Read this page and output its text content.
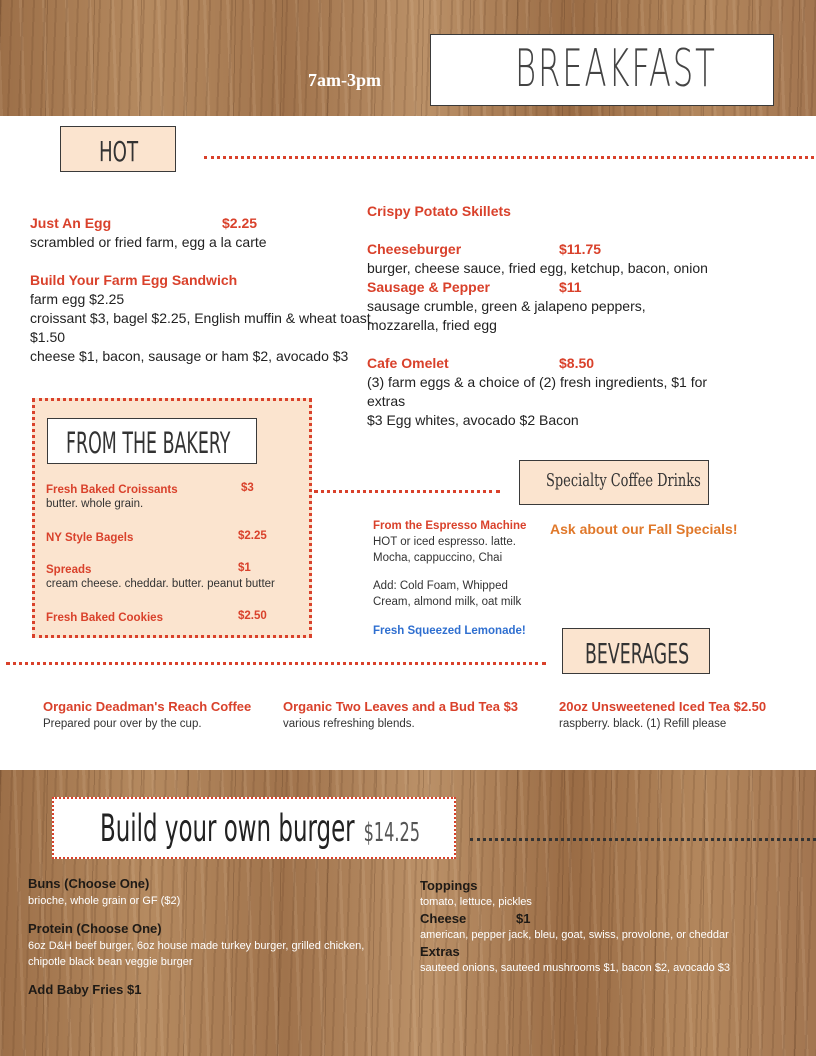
7am-3pm	BREAKFAST
HOT
Just An Egg	$2.25
scrambled or fried farm, egg a la carte
Build Your Farm Egg Sandwich
farm egg $2.25
croissant $3, bagel $2.25, English muffin & wheat toast
$1.50
cheese $1, bacon, sausage or ham $2, avocado $3
Crispy Potato Skillets
Cheeseburger	$11.75
burger, cheese sauce, fried egg, ketchup, bacon, onion
Sausage & Pepper	$11
sausage crumble, green & jalapeno peppers,
mozzarella, fried egg
Cafe Omelet	$8.50
(3) farm eggs & a choice of (2) fresh ingredients, $1 for
extras
$3 Egg whites, avocado $2 Bacon
FROM THE BAKERY
Fresh Baked Croissants	$3
butter. whole grain.
NY Style Bagels	$2.25
Spreads	$1
cream cheese. cheddar. butter. peanut butter
Fresh Baked Cookies	$2.50
Specialty Coffee Drinks
From the Espresso Machine
HOT or iced espresso. latte.
Mocha, cappuccino, Chai
Add: Cold Foam, Whipped
Cream, almond milk, oat milk
Fresh Squeezed Lemonade!
Ask about our Fall Specials!
BEVERAGES
Organic Deadman's Reach Coffee
Prepared pour over by the cup.
Organic Two Leaves and a Bud Tea $3
various refreshing blends.
20oz Unsweetened Iced Tea $2.50
raspberry. black. (1) Refill please
Build your own burger $14.25
Buns (Choose One)
brioche, whole grain or GF ($2)
Protein (Choose One)
6oz D&H beef burger, 6oz house made turkey burger, grilled chicken,
chipotle black bean veggie burger
Add Baby Fries $1
Toppings
tomato, lettuce, pickles
Cheese	$1
american, pepper jack, bleu, goat, swiss, provolone, or cheddar
Extras
sauteed onions, sauteed mushrooms $1, bacon $2, avocado $3
